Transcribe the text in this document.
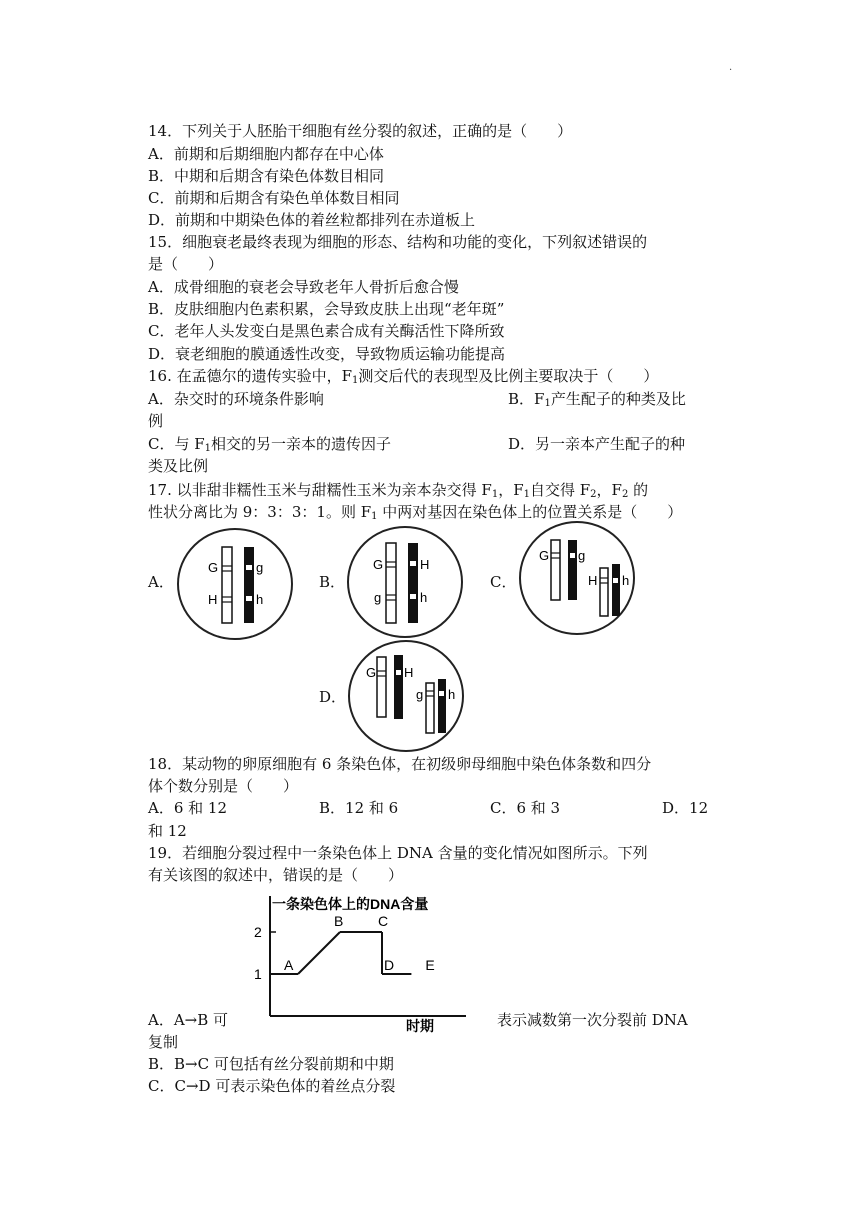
.
14．下列关于人胚胎干细胞有丝分裂的叙述，正确的是（　　）
A．前期和后期细胞内都存在中心体
B．中期和后期含有染色体数目相同
C．前期和后期含有染色单体数目相同
D．前期和中期染色体的着丝粒都排列在赤道板上
15．细胞衰老最终表现为细胞的形态、结构和功能的变化，下列叙述错误的
是（　　）
A．成骨细胞的衰老会导致老年人骨折后愈合慢
B．皮肤细胞内色素积累，会导致皮肤上出现“老年斑”
C．老年人头发变白是黑色素合成有关酶活性下降所致
D．衰老细胞的膜通透性改变，导致物质运输功能提高
16. 在孟德尔的遗传实验中，$F_1$测交后代的表现型及比例主要取决于（　　）
A．杂交时的环境条件影响	B．$F_1$产生配子的种类及比
例
C．与 $F_1$相交的另一亲本的遗传因子	D．另一亲本产生配子的种
类及比例
17. 以非甜非糯性玉米与甜糯性玉米为亲本杂交得 $F_1$，$F_1$自交得 $F_2$，$F_2$ 的
性状分离比为 9：3：3：1。则 $F_1$ 中两对基因在染色体上的位置关系是（　　）
A．	B．	C．
D．
G
H
g
h
G
g
H
h
G g
H h
G H
g h
18．某动物的卵原细胞有 6 条染色体，在初级卵母细胞中染色体条数和四分
体个数分别是（　　）
A．6 和 12	B．12 和 6	C．6 和 3	D．12
和 12
19．若细胞分裂过程中一条染色体上 DNA 含量的变化情况如图所示。下列
有关该图的叙述中，错误的是（　　）
一条染色体上的DNA含量
时期
1
2
A
B C
D E
A．A→B 可	表示减数第一次分裂前 DNA
复制
B．B→C 可包括有丝分裂前期和中期
C．C→D 可表示染色体的着丝点分裂
